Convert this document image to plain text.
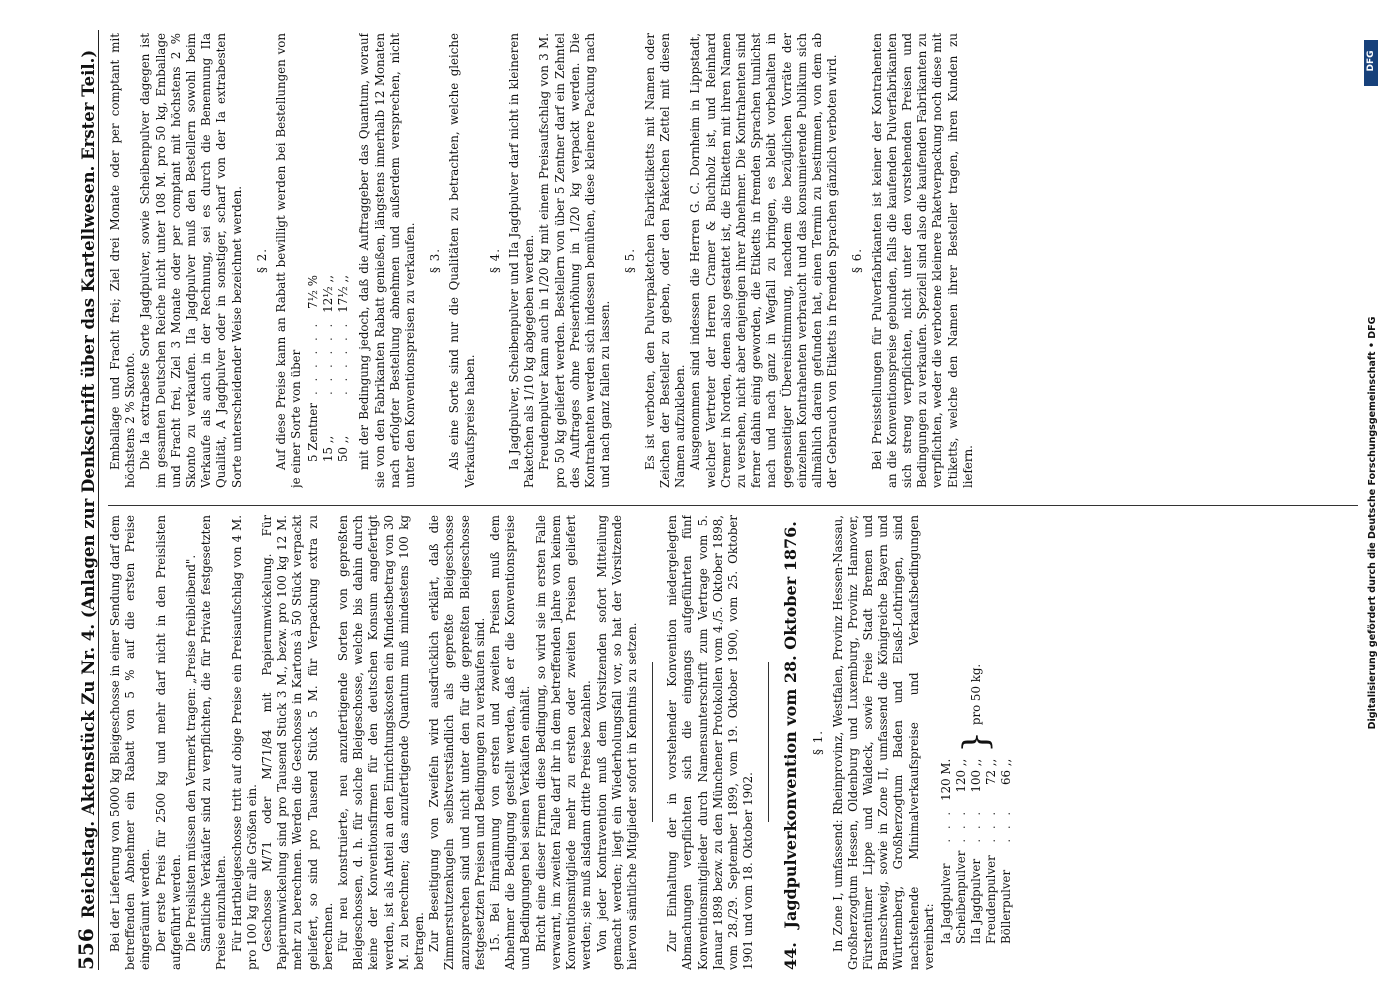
556
Reichstag. Aktenstück Zu Nr. 4. (Anlagen zur Denkschrift über das Kartellwesen. Erster Teil.) Bei der Lieferung von 5000 kg Bleigeschosse in einer Sendung darf dem betreffenden Abnehmer ein Rabatt von 5 % auf die ersten Preise eingeräumt werden. Der erste Preis für 2500 kg und mehr darf nicht in den Preislisten aufgeführt werden. Die Preislisten müssen den Vermerk tragen: „Preise freibleibend". Sämtliche Verkäufer sind zu verpflichten, die für Private festgesetzten Preise einzuhalten. Für Hartbleigeschosse tritt auf obige Preise ein Preisaufschlag von 4 M. pro 100 kg für alle Größen ein. Geschosse M/71 oder M/71/84 mit Papierumwickelung. Für Papierumwickelung sind pro Tausend Stück 3 M., bezw. pro 100 kg 12 M. mehr zu berechnen. Werden die Geschosse in Kartons à 50 Stück verpackt geliefert, so sind pro Tausend Stück 5 M. für Verpackung extra zu berechnen. Für neu konstruierte, neu anzufertigende Sorten von gepreßten Bleigeschossen, d. h. für solche Bleigeschosse, welche bis dahin durch keine der Konventionsfirmen für den deutschen Konsum angefertigt werden, ist als Anteil an den Einrichtungskosten ein Mindestbetrag von 30 M. zu berechnen; das anzufertigende Quantum muß mindestens 100 kg betragen. Zur Beseitigung von Zweifeln wird ausdrücklich erklärt, daß die Zimmerstutzenkugeln selbstverständlich als gepreßte Bleigeschosse anzusprechen sind und nicht unter den für die gepreßten Bleigeschosse festgesetzten Preisen und Bedingungen zu verkaufen sind. 15. Bei Einräumung von ersten und zweiten Preisen muß dem Abnehmer die Bedingung gestellt werden, daß er die Konventionspreise und Bedingungen bei seinen Verkäufen einhält. Bricht eine dieser Firmen diese Bedingung, so wird sie im ersten Falle verwarnt, im zweiten Falle darf ihr in dem betreffenden Jahre von keinem Konventionsmitgliede mehr zu ersten oder zweiten Preisen geliefert werden; sie muß alsdann dritte Preise bezahlen. Von jeder Kontravention muß dem Vorsitzenden sofort Mitteilung gemacht werden; liegt ein Wiederholungsfall vor, so hat der Vorsitzende hiervon sämtliche Mitglieder sofort in Kenntnis zu setzen. Zur Einhaltung der in vorstehender Konvention niedergelegten Abmachungen verpflichten sich die eingangs aufgeführten fünf Konventionsmitglieder durch Namensunterschrift zum Vertrage vom 5. Januar 1898 bezw. zu den Münchener Protokollen vom 4./5. Oktober 1898, vom 28./29. September 1899, vom 19. Oktober 1900, vom 25. Oktober 1901 und vom 18. Oktober 1902. 44. Jagdpulverkonvention vom 28. Oktober 1876. § 1. In Zone I, umfassend: Rheinprovinz, Westfalen, Provinz Hessen-Nassau, Großherzogtum Hessen, Oldenburg und Luxemburg, Provinz Hannover, Fürstentümer Lippe und Waldeck, sowie Freie Stadt Bremen und Braunschweig, sowie in Zone II, umfassend die Königreiche Bayern und Württemberg, Großherzogtum Baden und Elsaß-Lothringen, sind nachstehende Minimalverkaufspreise und Verkaufsbedingungen vereinbart: Ia Jagdpulver	. . .	120 M.	}	pro 50 kg.
Scheibenpulver	. . .	120 ,,		
IIa Jagdpulver	. . .	100 ,,		
Freudenpulver	. . .	72 ,,		
Böllerpulver	. . .	66 ,,		

Emballage und Fracht frei; Ziel drei Monate oder per comptant mit höchstens 2 % Skonto. Die Ia extrabeste Sorte Jagdpulver, sowie Scheibenpulver dagegen ist im gesamten Deutschen Reiche nicht unter 108 M. pro 50 kg, Emballage und Fracht frei, Ziel 3 Monate oder per comptant mit höchstens 2 % Skonto zu verkaufen. IIa Jagdpulver muß den Bestellern sowohl beim Verkaufe als auch in der Rechnung, sei es durch die Benennung IIa Qualität, A Jagdpulver oder in sonstiger, scharf von der Ia extrabesten Sorte unterscheidender Weise bezeichnet werden. § 2. Auf diese Preise kann an Rabatt bewilligt werden bei Bestellungen von je einer Sorte von über 5 Zentner	. . . . . .	7½ %
15 ,,	. . . . . .	12½ ,,
50 ,,	. . . . . .	17½ ,, mit der Bedingung jedoch, daß die Auftraggeber das Quantum, worauf sie von den Fabrikanten Rabatt genießen, längstens innerhalb 12 Monaten nach erfolgter Bestellung abnehmen und außerdem versprechen, nicht unter den Konventionspreisen zu verkaufen. § 3. Als eine Sorte sind nur die Qualitäten zu betrachten, welche gleiche Verkaufspreise haben.

§ 4. Ia Jagdpulver, Scheibenpulver und IIa Jagdpulver darf nicht in kleineren Paketchen als 1/10 kg abgegeben werden. Freudenpulver kann auch in 1/20 kg mit einem Preisaufschlag von 3 M. pro 50 kg geliefert werden. Bestellern von über 5 Zentner darf ein Zehntel des Auftrages ohne Preiserhöhung in 1/20 kg verpackt werden. Die Kontrahenten werden sich indessen bemühen, diese kleinere Packung nach und nach ganz fallen zu lassen.

§ 5. Es ist verboten, den Pulverpaketchen Fabriketiketts mit Namen oder Zeichen der Besteller zu geben, oder den Paketchen Zettel mit diesen Namen aufzukleben. Ausgenommen sind indessen die Herren G. C. Dornheim in Lippstadt, welcher Vertreter der Herren Cramer & Buchholz ist, und Reinhard Cremer in Norden, denen also gestattet ist, die Etiketten mit ihren Namen zu versehen, nicht aber denjenigen ihrer Abnehmer. Die Kontrahenten sind ferner dahin einig geworden, die Etiketts in fremden Sprachen tunlichst nach und nach ganz in Wegfall zu bringen, es bleibt vorbehalten in gegenseitiger Übereinstimmung, nachdem die bezüglichen Vorräte der einzelnen Kontrahenten verbraucht und das konsumierende Publikum sich allmählich darein gefunden hat, einen Termin zu bestimmen, von dem ab der Gebrauch von Etiketts in fremden Sprachen gänzlich verboten wird. § 6. Bei Preisstellungen für Pulverfabrikanten ist keiner der Kontrahenten an die Konventionspreise gebunden, falls die kaufenden Pulverfabrikanten sich streng verpflichten, nicht unter den vorstehenden Preisen und Bedingungen zu verkaufen. Speziell sind also die kaufenden Fabrikanten zu verpflichten, weder die verbotene kleinere Paketverpackung noch diese mit Etiketts, welche den Namen ihrer Besteller tragen, ihren Kunden zu liefern.

DFG
Digitalisierung gefördert durch die Deutsche Forschungsgemeinschaft • DFG
